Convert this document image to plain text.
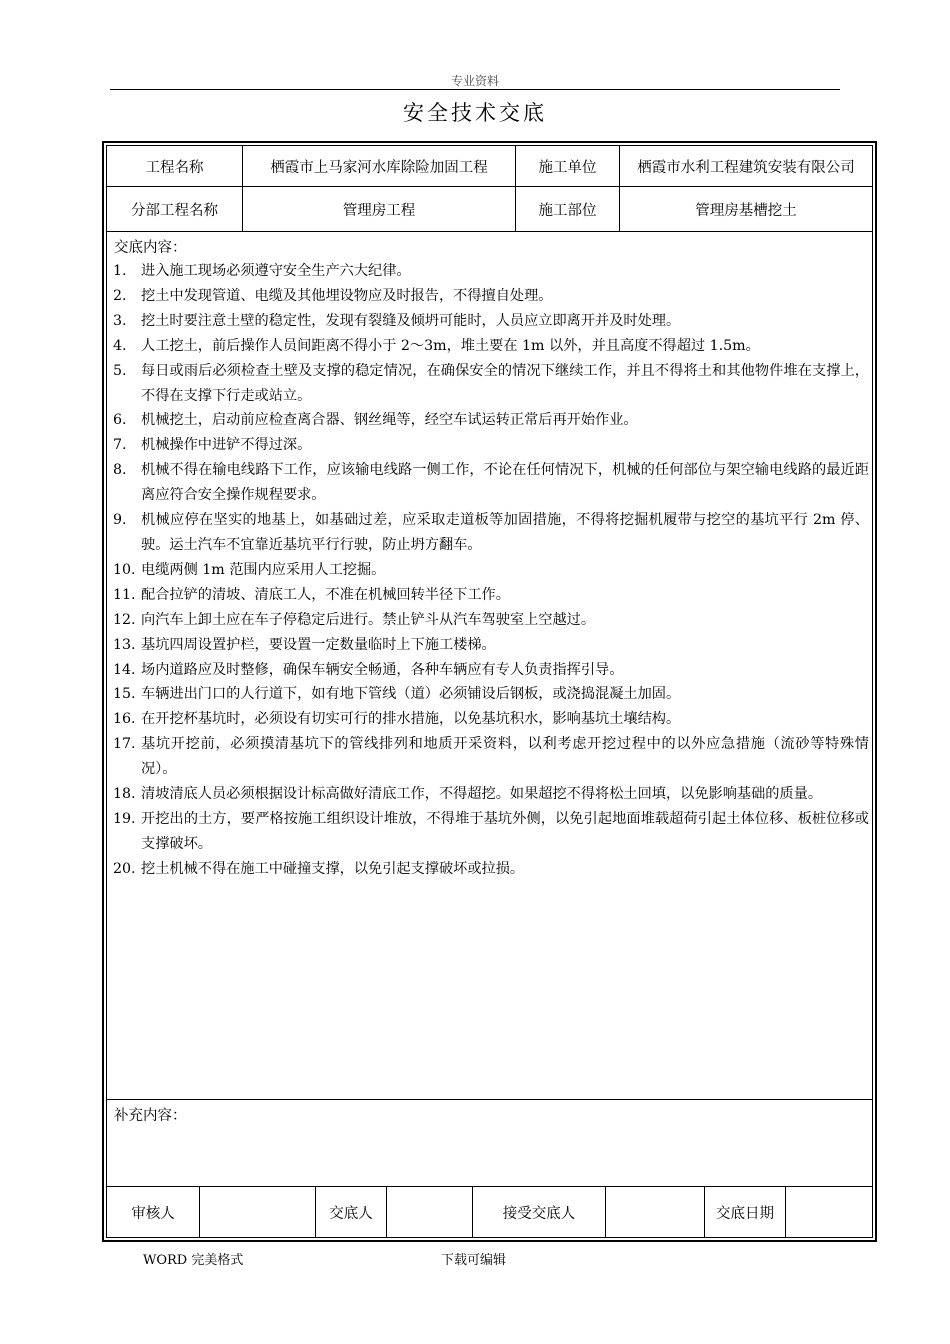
专业资料
安全技术交底
工程名称	栖霞市上马家河水库除险加固工程	施工单位	栖霞市水利工程建筑安装有限公司
分部工程名称	管理房工程	施工部位	管理房基槽挖土
交底内容：
1.	进入施工现场必须遵守安全生产六大纪律。
2.	挖土中发现管道、电缆及其他埋设物应及时报告，不得擅自处理。
3.	挖土时要注意土壁的稳定性，发现有裂缝及倾坍可能时，人员应立即离开并及时处理。
4.	人工挖土，前后操作人员间距离不得小于 2～3m，堆土要在 1m 以外，并且高度不得超过 1.5m。
5.	每日或雨后必须检查土壁及支撑的稳定情况，在确保安全的情况下继续工作，并且不得将土和其他物件堆在支撑上，不得在支撑下行走或站立。
6.	机械挖土，启动前应检查离合器、钢丝绳等，经空车试运转正常后再开始作业。
7.	机械操作中进铲不得过深。
8.	机械不得在输电线路下工作，应该输电线路一侧工作，不论在任何情况下，机械的任何部位与架空输电线路的最近距离应符合安全操作规程要求。
9.	机械应停在坚实的地基上，如基础过差，应采取走道板等加固措施，不得将挖掘机履带与挖空的基坑平行 2m 停、驶。运土汽车不宜靠近基坑平行行驶，防止坍方翻车。
10. 电缆两侧 1m 范围内应采用人工挖掘。
11. 配合拉铲的清坡、清底工人，不准在机械回转半径下工作。
12. 向汽车上卸土应在车子停稳定后进行。禁止铲斗从汽车驾驶室上空越过。
13. 基坑四周设置护栏，要设置一定数量临时上下施工楼梯。
14. 场内道路应及时整修，确保车辆安全畅通，各种车辆应有专人负责指挥引导。
15. 车辆进出门口的人行道下，如有地下管线（道）必须铺设后钢板，或浇捣混凝土加固。
16. 在开挖杯基坑时，必须设有切实可行的排水措施，以免基坑积水，影响基坑土壤结构。
17. 基坑开挖前，必须摸清基坑下的管线排列和地质开采资料，以利考虑开挖过程中的以外应急措施（流砂等特殊情况）。
18. 清坡清底人员必须根据设计标高做好清底工作，不得超挖。如果超挖不得将松土回填，以免影响基础的质量。
19. 开挖出的土方，要严格按施工组织设计堆放，不得堆于基坑外侧，以免引起地面堆载超荷引起土体位移、板桩位移或支撑破坏。
20. 挖土机械不得在施工中碰撞支撑，以免引起支撑破坏或拉损。
补充内容：
审核人	交底人	接受交底人	交底日期
WORD 完美格式	下载可编辑
